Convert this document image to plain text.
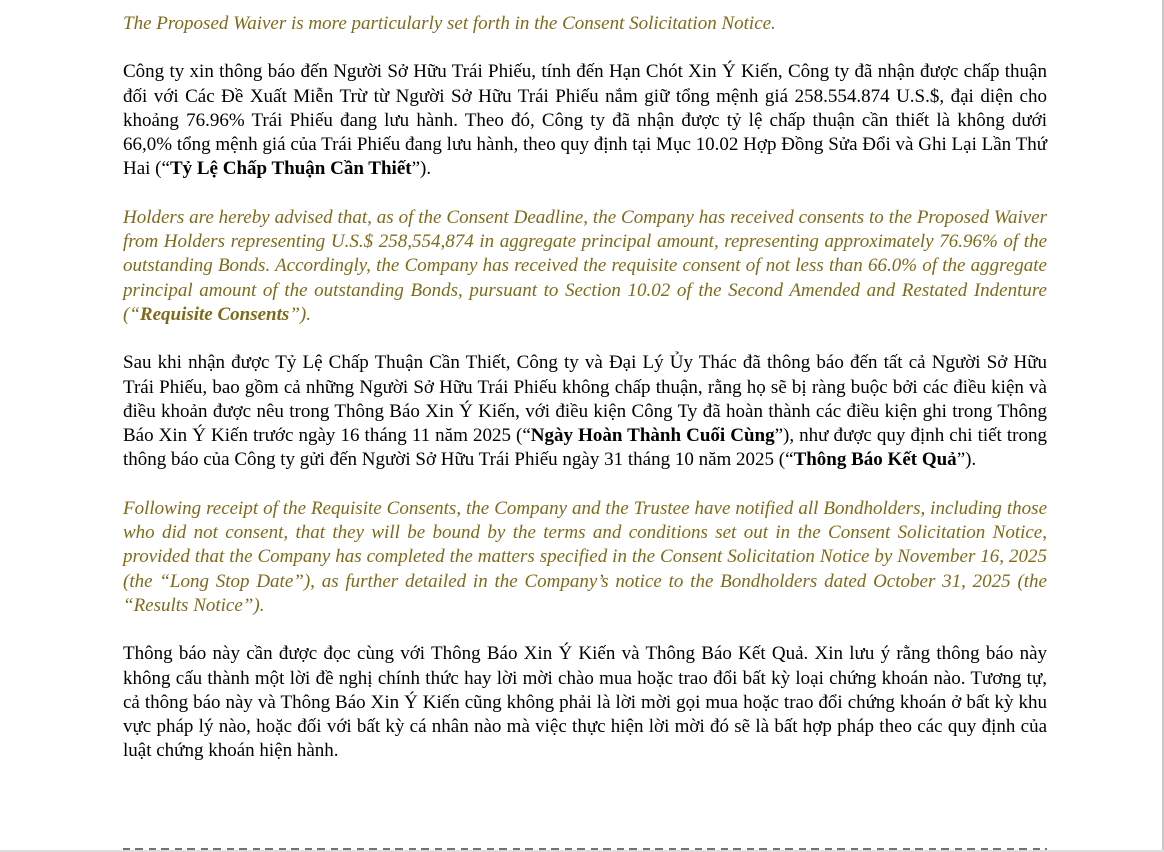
The Proposed Waiver is more particularly set forth in the Consent Solicitation Notice.

Công ty xin thông báo đến Người Sở Hữu Trái Phiếu, tính đến Hạn Chót Xin Ý Kiến, Công ty đã nhận được chấp thuận đối với Các Đề Xuất Miễn Trừ từ Người Sở Hữu Trái Phiếu nắm giữ tổng mệnh giá 258.554.874 U.S.$, đại diện cho khoảng 76.96% Trái Phiếu đang lưu hành. Theo đó, Công ty đã nhận được tỷ lệ chấp thuận cần thiết là không dưới 66,0% tổng mệnh giá của Trái Phiếu đang lưu hành, theo quy định tại Mục 10.02 Hợp Đồng Sửa Đổi và Ghi Lại Lần Thứ Hai (“Tỷ Lệ Chấp Thuận Cần Thiết”).

Holders are hereby advised that, as of the Consent Deadline, the Company has received consents to the Proposed Waiver from Holders representing U.S.$ 258,554,874 in aggregate principal amount, representing approximately 76.96% of the outstanding Bonds. Accordingly, the Company has received the requisite consent of not less than 66.0% of the aggregate principal amount of the outstanding Bonds, pursuant to Section 10.02 of the Second Amended and Restated Indenture (“Requisite Consents”).

Sau khi nhận được Tỷ Lệ Chấp Thuận Cần Thiết, Công ty và Đại Lý Ủy Thác đã thông báo đến tất cả Người Sở Hữu Trái Phiếu, bao gồm cả những Người Sở Hữu Trái Phiếu không chấp thuận, rằng họ sẽ bị ràng buộc bởi các điều kiện và điều khoản được nêu trong Thông Báo Xin Ý Kiến, với điều kiện Công Ty đã hoàn thành các điều kiện ghi trong Thông Báo Xin Ý Kiến trước ngày 16 tháng 11 năm 2025 (“Ngày Hoàn Thành Cuối Cùng”), như được quy định chi tiết trong thông báo của Công ty gửi đến Người Sở Hữu Trái Phiếu ngày 31 tháng 10 năm 2025 (“Thông Báo Kết Quả”).

Following receipt of the Requisite Consents, the Company and the Trustee have notified all Bondholders, including those who did not consent, that they will be bound by the terms and conditions set out in the Consent Solicitation Notice, provided that the Company has completed the matters specified in the Consent Solicitation Notice by November 16, 2025 (the “Long Stop Date”), as further detailed in the Company’s notice to the Bondholders dated October 31, 2025 (the “Results Notice”).

Thông báo này cần được đọc cùng với Thông Báo Xin Ý Kiến và Thông Báo Kết Quả. Xin lưu ý rằng thông báo này không cấu thành một lời đề nghị chính thức hay lời mời chào mua hoặc trao đổi bất kỳ loại chứng khoán nào. Tương tự, cả thông báo này và Thông Báo Xin Ý Kiến cũng không phải là lời mời gọi mua hoặc trao đổi chứng khoán ở bất kỳ khu vực pháp lý nào, hoặc đối với bất kỳ cá nhân nào mà việc thực hiện lời mời đó sẽ là bất hợp pháp theo các quy định của luật chứng khoán hiện hành.
